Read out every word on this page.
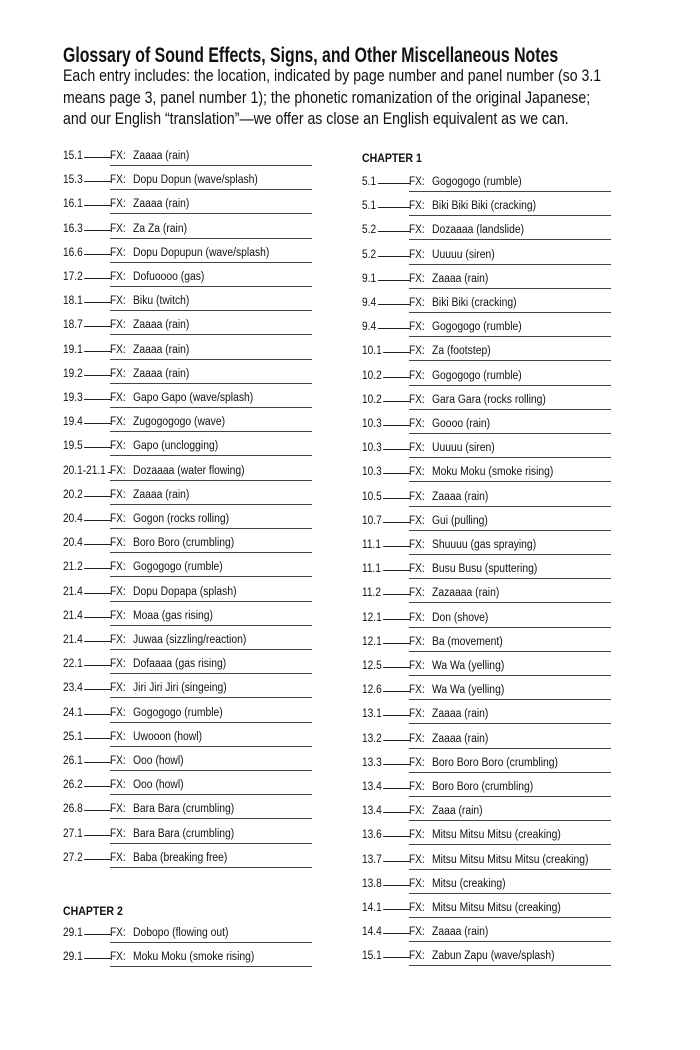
Glossary of Sound Effects, Signs, and Other Miscellaneous Notes
Each entry includes: the location, indicated by page number and panel number (so 3.1
means page 3, panel number 1); the phonetic romanization of the original Japanese;
and our English “translation”—we offer as close an English equivalent as we can.
CHAPTER 2
CHAPTER 1
15.1 FX: Zaaaa (rain)
15.3 FX: Dopu Dopun (wave/splash)
16.1 FX: Zaaaa (rain)
16.3 FX: Za Za (rain)
16.6 FX: Dopu Dopupun (wave/splash)
17.2 FX: Dofuoooo (gas)
18.1 FX: Biku (twitch)
18.7 FX: Zaaaa (rain)
19.1 FX: Zaaaa (rain)
19.2 FX: Zaaaa (rain)
19.3 FX: Gapo Gapo (wave/splash)
19.4 FX: Zugogogogo (wave)
19.5 FX: Gapo (unclogging)
20.1-21.1 FX: Dozaaaa (water flowing)
20.2 FX: Zaaaa (rain)
20.4 FX: Gogon (rocks rolling)
20.4 FX: Boro Boro (crumbling)
21.2 FX: Gogogogo (rumble)
21.4 FX: Dopu Dopapa (splash)
21.4 FX: Moaa (gas rising)
21.4 FX: Juwaa (sizzling/reaction)
22.1 FX: Dofaaaa (gas rising)
23.4 FX: Jiri Jiri Jiri (singeing)
24.1 FX: Gogogogo (rumble)
25.1 FX: Uwooon (howl)
26.1 FX: Ooo (howl)
26.2 FX: Ooo (howl)
26.8 FX: Bara Bara (crumbling)
27.1 FX: Bara Bara (crumbling)
27.2 FX: Baba (breaking free)
29.1 FX: Dobopo (flowing out)
29.1 FX: Moku Moku (smoke rising)
5.1	FX: Gogogogo (rumble)
5.1	FX: Biki Biki Biki (cracking)
5.2	FX: Dozaaaa (landslide)
5.2	FX: Uuuuu (siren)
9.1	FX: Zaaaa (rain)
9.4	FX: Biki Biki (cracking)
9.4	FX: Gogogogo (rumble)
10.1 FX: Za (footstep)
10.2 FX: Gogogogo (rumble)
10.2 FX: Gara Gara (rocks rolling)
10.3 FX: Goooo (rain)
10.3 FX: Uuuuu (siren)
10.3 FX: Moku Moku (smoke rising)
10.5 FX: Zaaaa (rain)
10.7 FX: Gui (pulling)
11.1 FX: Shuuuu (gas spraying)
11.1 FX: Busu Busu (sputtering)
11.2 FX: Zazaaaa (rain)
12.1 FX: Don (shove)
12.1 FX: Ba (movement)
12.5 FX: Wa Wa (yelling)
12.6 FX: Wa Wa (yelling)
13.1 FX: Zaaaa (rain)
13.2 FX: Zaaaa (rain)
13.3 FX: Boro Boro Boro (crumbling)
13.4 FX: Boro Boro (crumbling)
13.4 FX: Zaaa (rain)
13.6 FX: Mitsu Mitsu Mitsu (creaking)
13.7 FX: Mitsu Mitsu Mitsu Mitsu (creaking)
13.8 FX: Mitsu (creaking)
14.1 FX: Mitsu Mitsu Mitsu (creaking)
14.4 FX: Zaaaa (rain)
15.1 FX: Zabun Zapu (wave/splash)
